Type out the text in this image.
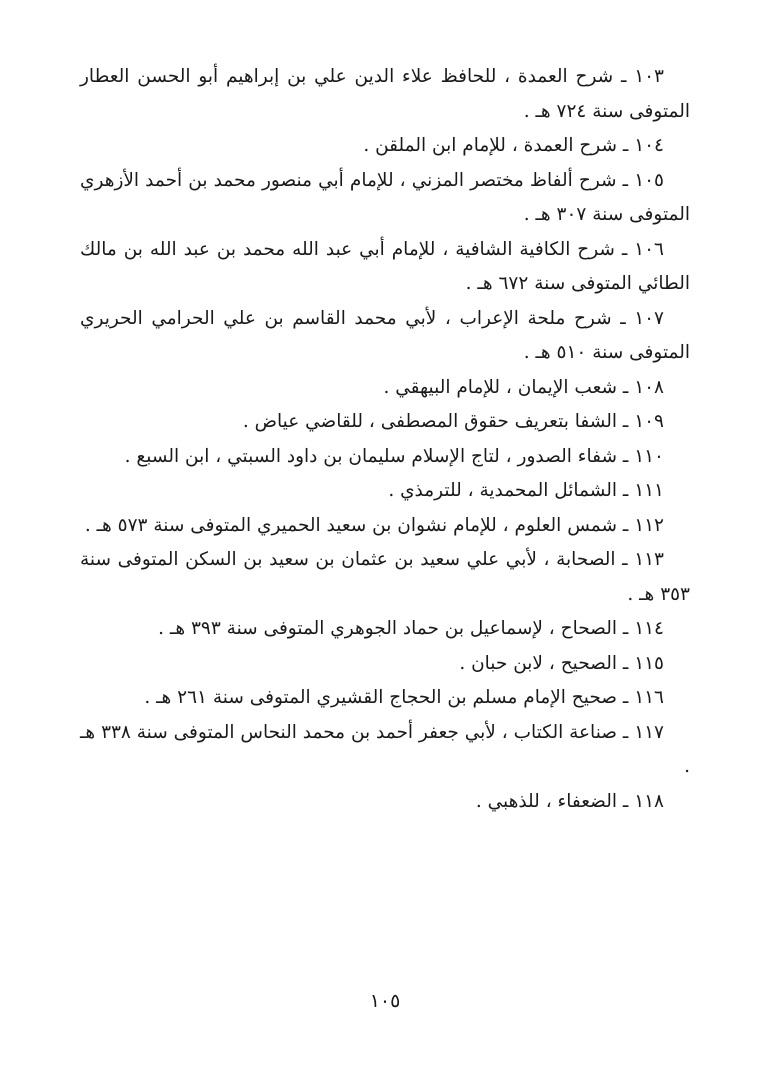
١٠٣ ـ شرح العمدة ، للحافظ علاء الدين علي بن إبراهيم أبو الحسن العطار المتوفى سنة ٧٢٤ هـ .

١٠٤ ـ شرح العمدة ، للإمام ابن الملقن .

١٠٥ ـ شرح ألفاظ مختصر المزني ، للإمام أبي منصور محمد بن أحمد الأزهري المتوفى سنة ٣٠٧ هـ .

١٠٦ ـ شرح الكافية الشافية ، للإمام أبي عبد الله محمد بن عبد الله بن مالك الطائي المتوفى سنة ٦٧٢ هـ .

١٠٧ ـ شرح ملحة الإعراب ، لأبي محمد القاسم بن علي الحرامي الحريري المتوفى سنة ٥١٠ هـ .

١٠٨ ـ شعب الإيمان ، للإمام البيهقي .

١٠٩ ـ الشفا بتعريف حقوق المصطفى ، للقاضي عياض .

١١٠ ـ شفاء الصدور ، لتاج الإسلام سليمان بن داود السبتي ، ابن السبع .

١١١ ـ الشمائل المحمدية ، للترمذي .

١١٢ ـ شمس العلوم ، للإمام نشوان بن سعيد الحميري المتوفى سنة ٥٧٣ هـ .

١١٣ ـ الصحابة ، لأبي علي سعيد بن عثمان بن سعيد بن السكن المتوفى سنة ٣٥٣ هـ .

١١٤ ـ الصحاح ، لإسماعيل بن حماد الجوهري المتوفى سنة ٣٩٣ هـ .

١١٥ ـ الصحيح ، لابن حبان .

١١٦ ـ صحيح الإمام مسلم بن الحجاج القشيري المتوفى سنة ٢٦١ هـ .

١١٧ ـ صناعة الكتاب ، لأبي جعفر أحمد بن محمد النحاس المتوفى سنة ٣٣٨ هـ .

١١٨ ـ الضعفاء ، للذهبي .

١٠٥
